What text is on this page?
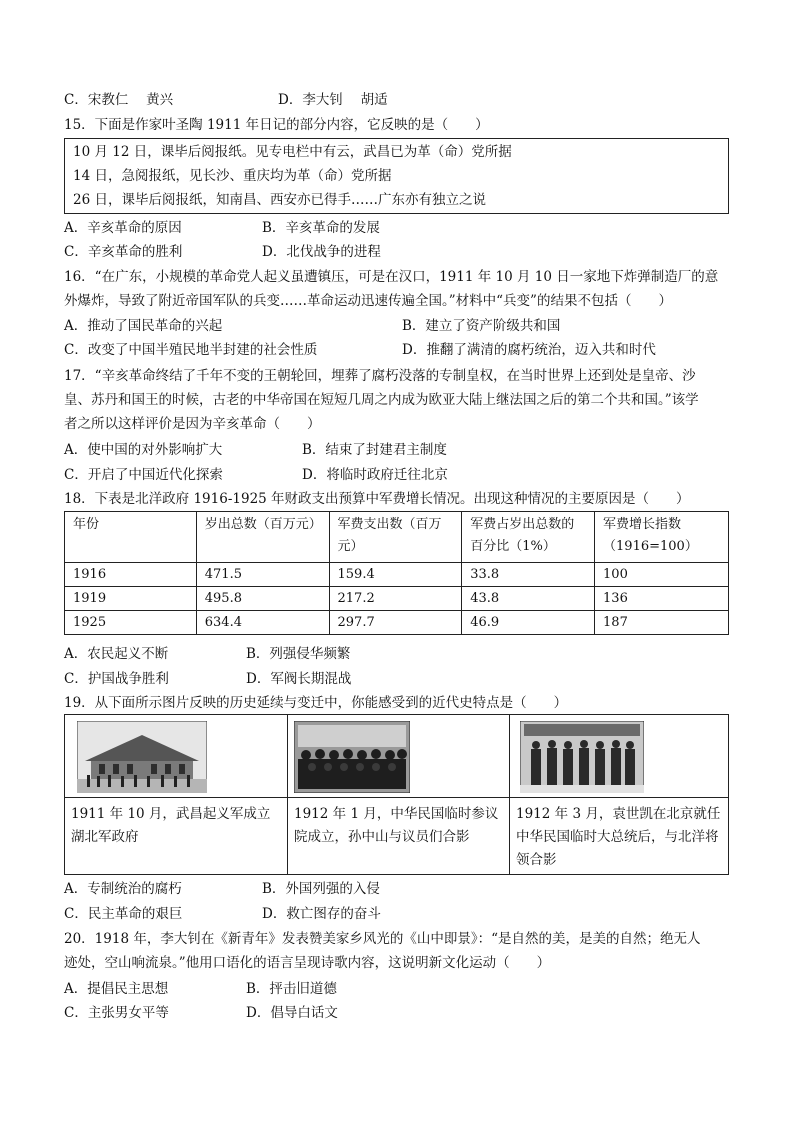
C．宋教仁　 黄兴	D．李大钊　 胡适
15．下面是作家叶圣陶 1911 年日记的部分内容，它反映的是（　　）
10 月 12 日，课毕后阅报纸。见专电栏中有云，武昌已为革（命）党所据
14 日，急阅报纸，见长沙、重庆均为革（命）党所据
26 日，课毕后阅报纸，知南昌、西安亦已得手……广东亦有独立之说
A．辛亥革命的原因	B．辛亥革命的发展
C．辛亥革命的胜利	D．北伐战争的进程
16．“在广东，小规模的革命党人起义虽遭镇压，可是在汉口，1911 年 10 月 10 日一家地下炸弹制造厂的意
外爆炸，导致了附近帝国军队的兵变……革命运动迅速传遍全国。”材料中“兵变”的结果不包括（　　）
A．推动了国民革命的兴起	B．建立了资产阶级共和国
C．改变了中国半殖民地半封建的社会性质	D．推翻了满清的腐朽统治，迈入共和时代
17．“辛亥革命终结了千年不变的王朝轮回，埋葬了腐朽没落的专制皇权，在当时世界上还到处是皇帝、沙
皇、苏丹和国王的时候，古老的中华帝国在短短几周之内成为欧亚大陆上继法国之后的第二个共和国。”该学
者之所以这样评价是因为辛亥革命（　　）
A．使中国的对外影响扩大	B．结束了封建君主制度
C．开启了中国近代化探索	D．将临时政府迁往北京
18．下表是北洋政府 1916-1925 年财政支出预算中军费增长情况。出现这种情况的主要原因是（　　）
年份	岁出总数（百万元）	军费支出数（百万元）	军费占岁出总数的百分比（1%）	军费增长指数（1916=100）
1916	471.5	159.4	33.8	100
1919	495.8	217.2	43.8	136
1925	634.4	297.7	46.9	187
A．农民起义不断	B．列强侵华频繁
C．护国战争胜利	D．军阀长期混战
19．从下面所示图片反映的历史延续与变迁中，你能感受到的近代史特点是（　　）
1911 年 10 月，武昌起义军成立湖北军政府
1912 年 1 月，中华民国临时参议院成立，孙中山与议员们合影
1912 年 3 月，袁世凯在北京就任中华民国临时大总统后，与北洋将领合影
A．专制统治的腐朽	B．外国列强的入侵
C．民主革命的艰巨	D．救亡图存的奋斗
20．1918 年，李大钊在《新青年》发表赞美家乡风光的《山中即景》：“是自然的美，是美的自然；绝无人
迹处，空山响流泉。”他用口语化的语言呈现诗歌内容，这说明新文化运动（　　）
A．提倡民主思想	B．抨击旧道德
C．主张男女平等	D．倡导白话文
